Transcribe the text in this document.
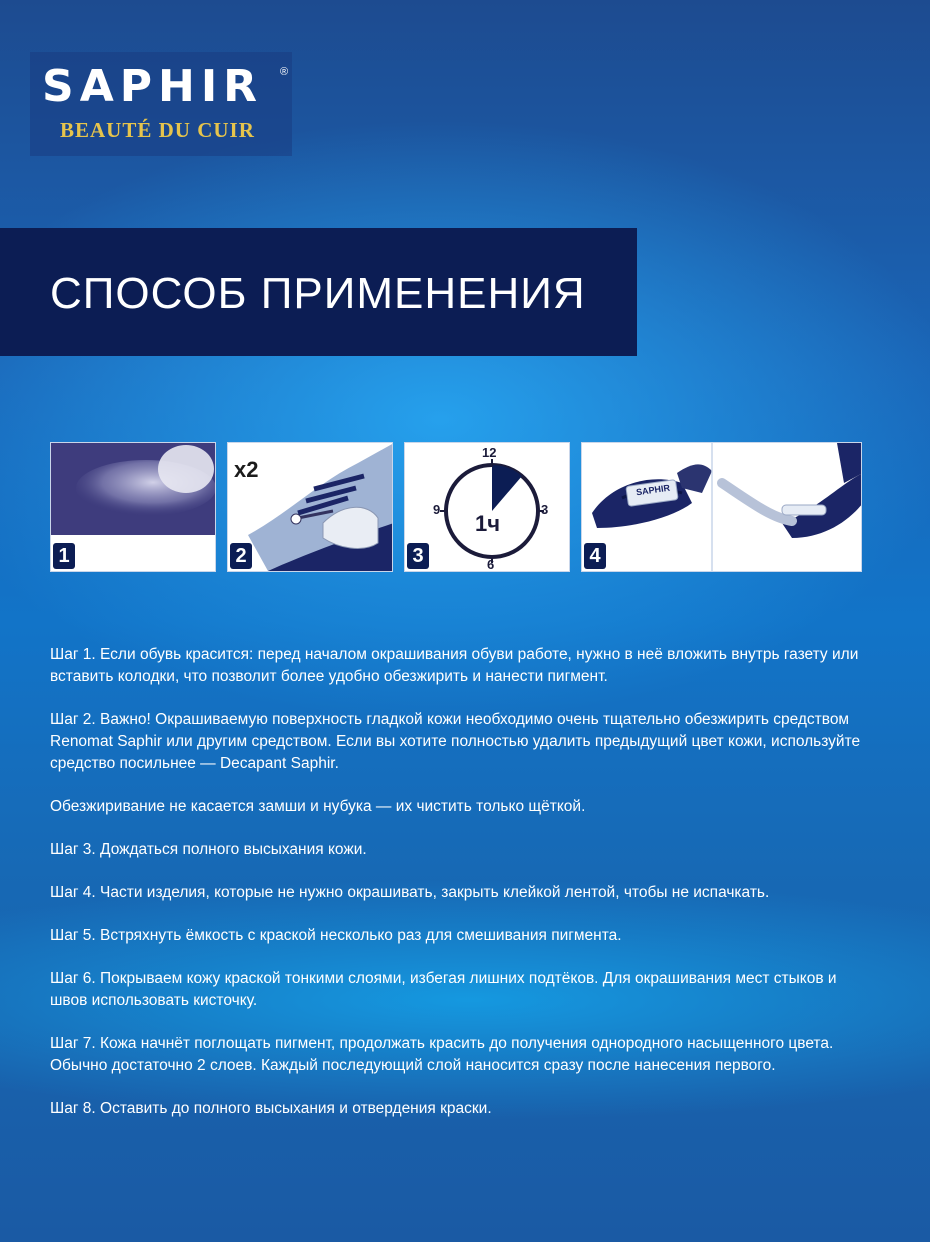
SAPHIR	®
BEAUTÉ DU CUIR
СПОСОБ ПРИМЕНЕНИЯ
1
x2
2
12
3
6
9
1ч
3
SAPHIR
4

Шаг 1. Если обувь красится: перед началом окрашивания обуви работе, нужно в неё вложить внутрь газету или вставить колодки, что позволит более удобно обезжирить и нанести пигмент.

Шаг 2. Важно! Окрашиваемую поверхность гладкой кожи необходимо очень тщательно обезжирить средством Renomat Saphir или другим средством. Если вы хотите полностью удалить предыдущий цвет кожи, используйте средство посильнее — Decapant Saphir.

Обезжиривание не касается замши и нубука — их чистить только щёткой.

Шаг 3. Дождаться полного высыхания кожи.

Шаг 4. Части изделия, которые не нужно окрашивать, закрыть клейкой лентой, чтобы не испачкать.

Шаг 5. Встряхнуть ёмкость с краской несколько раз для смешивания пигмента.

Шаг 6. Покрываем кожу краской тонкими слоями, избегая лишних подтёков. Для окрашивания мест стыков и швов использовать кисточку.

Шаг 7. Кожа начнёт поглощать пигмент, продолжать красить до получения однородного насыщенного цвета. Обычно достаточно 2 слоев. Каждый последующий слой наносится сразу после нанесения первого.

Шаг 8. Оставить до полного высыхания и отвердения краски.
